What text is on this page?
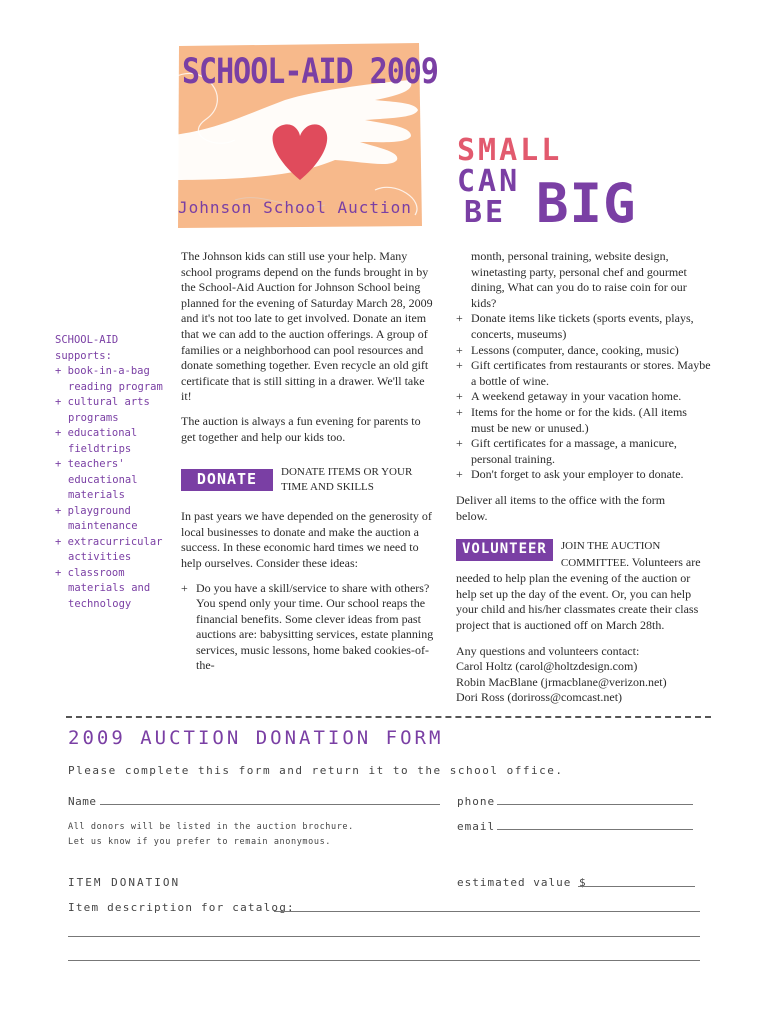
SCHOOL-AID 2009
Johnson School Auction
SMALL
CAN
BE BIG
SCHOOL-AID supports:
+ book-in-a-bag reading program
+ cultural arts programs
+ educational fieldtrips
+ teachers' educational materials
+ playground maintenance
+ extracurricular activities
+ classroom materials and technology

The Johnson kids can still use your help. Many school programs depend on the funds brought in by the School-Aid Auction for Johnson School being planned for the evening of Saturday March 28, 2009 and it's not too late to get involved. Donate an item that we can add to the auction offerings. A group of families or a neighborhood can pool resources and donate something together. Even recycle an old gift certificate that is still sitting in a drawer. We'll take it!

The auction is always a fun evening for parents to get together and help our kids too.

DONATE	DONATE ITEMS OR YOUR TIME AND SKILLS

In past years we have depended on the generosity of local businesses to donate and make the auction a success. In these economic hard times we need to help ourselves. Consider these ideas:

+ Do you have a skill/service to share with others? You spend only your time. Our school reaps the financial benefits. Some clever ideas from past auctions are: babysitting services, estate planning services, music lessons, home baked cookies-of-the-

month, personal training, website design, winetasting party, personal chef and gourmet dining, What can you do to raise coin for our kids?

+ Donate items like tickets (sports events, plays, concerts, museums)

+ Lessons (computer, dance, cooking, music)

+ Gift certificates from restaurants or stores. Maybe a bottle of wine.

+ A weekend getaway in your vacation home.

+ Items for the home or for the kids. (All items must be new or unused.)

+ Gift certificates for a massage, a manicure, personal training.

+ Don't forget to ask your employer to donate.

Deliver all items to the office with the form below.

VOLUNTEER	JOIN THE AUCTION COMMITTEE. Volunteers are needed to help plan the evening of the auction or help set up the day of the event. Or, you can help your child and his/her classmates create their class project that is auctioned off on March 28th.
Any questions and volunteers contact:
Carol Holtz (carol@holtzdesign.com)
Robin MacBlane (jrmacblane@verizon.net)
Dori Ross (doriross@comcast.net)
2009 AUCTION DONATION FORM
Please complete this form and return it to the school office.
Name	phone
All donors will be listed in the auction brochure.
Let us know if you prefer to remain anonymous.
email
ITEM DONATION	estimated value $
Item description for catalog:
